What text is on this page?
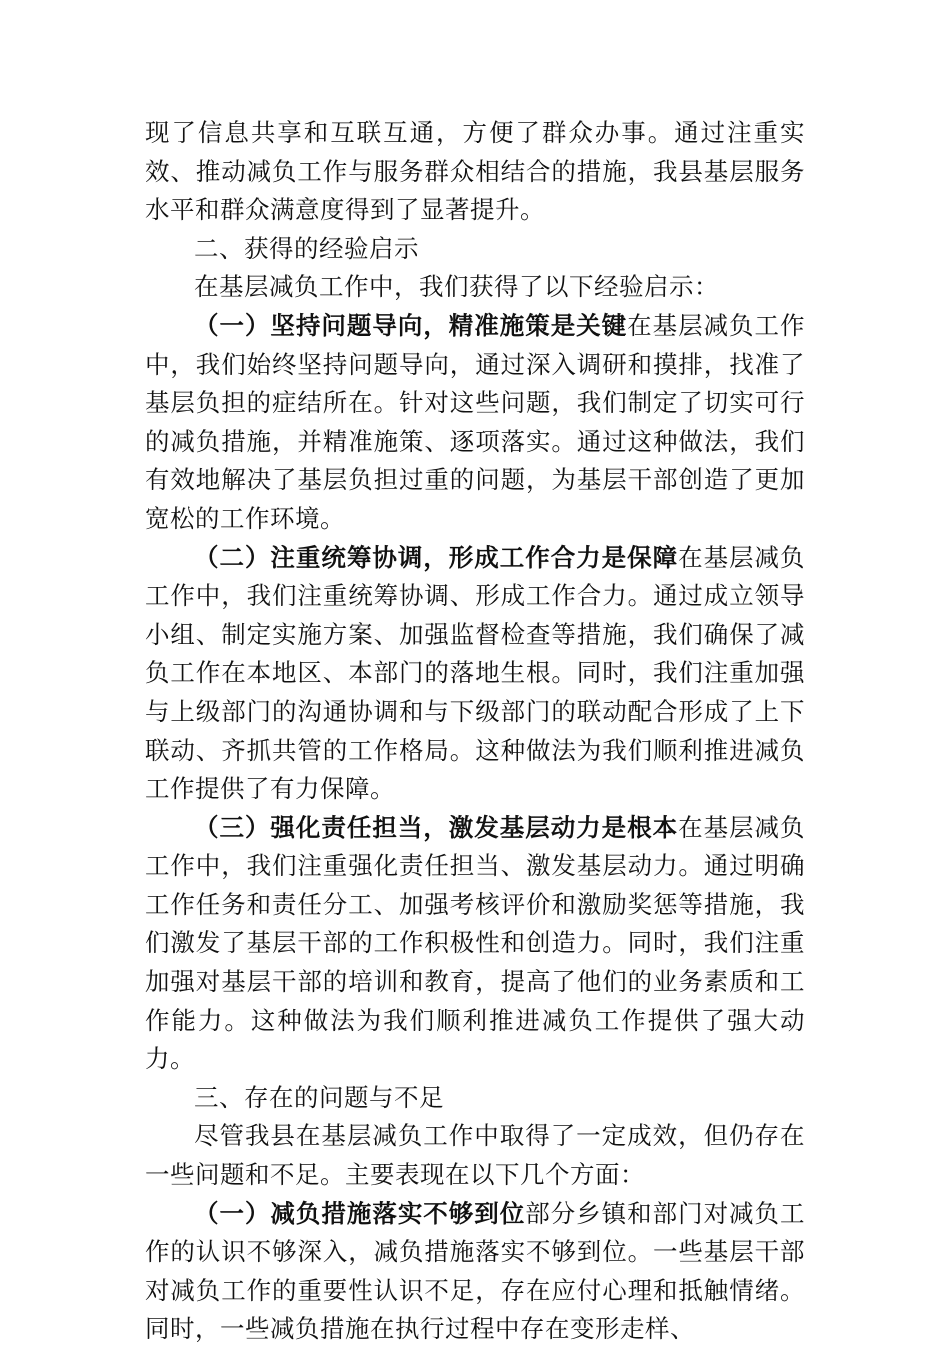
现了信息共享和互联互通，方便了群众办事。通过注重实效、推动减负工作与服务群众相结合的措施，我县基层服务水平和群众满意度得到了显著提升。

二、获得的经验启示

在基层减负工作中，我们获得了以下经验启示：

（一）坚持问题导向，精准施策是关键在基层减负工作中，我们始终坚持问题导向，通过深入调研和摸排，找准了基层负担的症结所在。针对这些问题，我们制定了切实可行的减负措施，并精准施策、逐项落实。通过这种做法，我们有效地解决了基层负担过重的问题，为基层干部创造了更加宽松的工作环境。

（二）注重统筹协调，形成工作合力是保障在基层减负工作中，我们注重统筹协调、形成工作合力。通过成立领导小组、制定实施方案、加强监督检查等措施，我们确保了减负工作在本地区、本部门的落地生根。同时，我们注重加强与上级部门的沟通协调和与下级部门的联动配合形成了上下联动、齐抓共管的工作格局。这种做法为我们顺利推进减负工作提供了有力保障。

（三）强化责任担当，激发基层动力是根本在基层减负工作中，我们注重强化责任担当、激发基层动力。通过明确工作任务和责任分工、加强考核评价和激励奖惩等措施，我们激发了基层干部的工作积极性和创造力。同时，我们注重加强对基层干部的培训和教育，提高了他们的业务素质和工作能力。这种做法为我们顺利推进减负工作提供了强大动力。

三、存在的问题与不足

尽管我县在基层减负工作中取得了一定成效，但仍存在一些问题和不足。主要表现在以下几个方面：

（一）减负措施落实不够到位部分乡镇和部门对减负工作的认识不够深入，减负措施落实不够到位。一些基层干部对减负工作的重要性认识不足，存在应付心理和抵触情绪。同时，一些减负措施在执行过程中存在变形走样、
